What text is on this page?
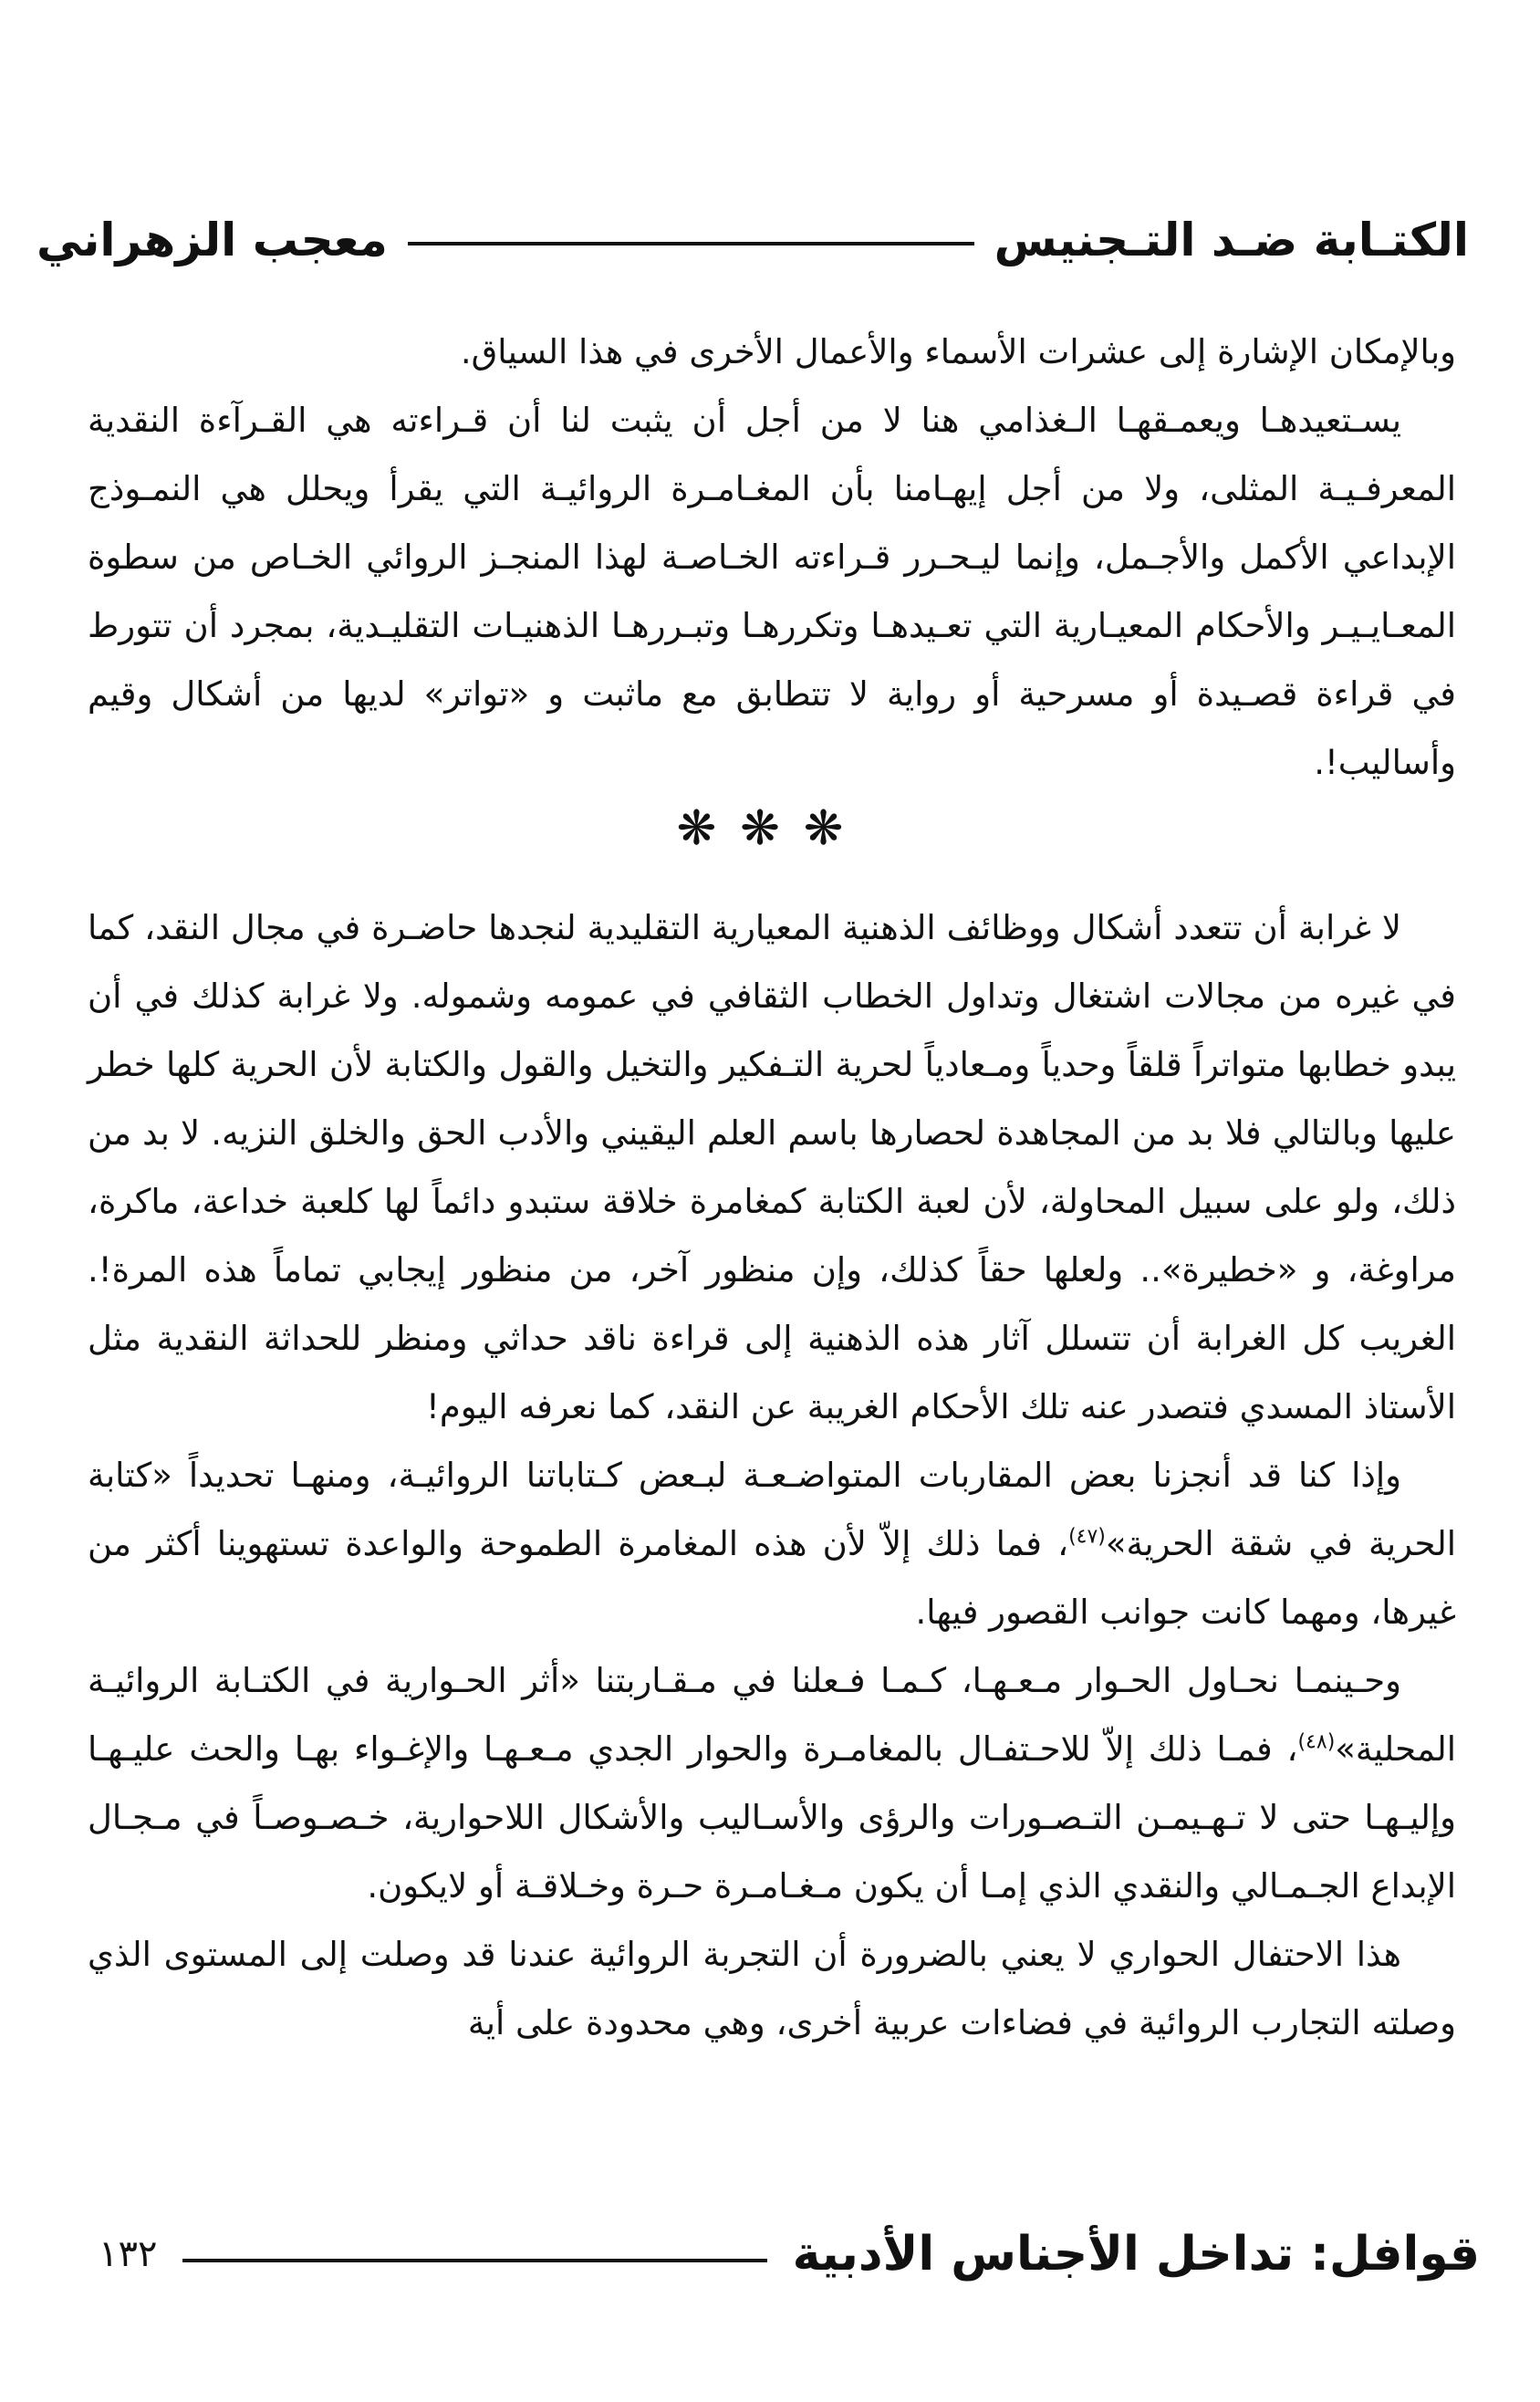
الكتـابة ضـد التـجنيس
معجب الزهراني

وبالإمكان الإشارة إلى عشرات الأسماء والأعمال الأخرى في هذا السياق.

يسـتعيدهـا ويعمـقهـا الـغذامي هنا لا من أجل أن يثبت لنا أن قـراءته هي القـرآءة النقدية المعرفـيـة المثلى، ولا من أجل إيهـامنا بأن المغـامـرة الروائيـة التي يقرأ ويحلل هي النمـوذج الإبداعي الأكمل والأجـمل، وإنما ليـحـرر قـراءته الخـاصـة لهذا المنجـز الروائي الخـاص من سطوة المعـايـيـر والأحكام المعيـارية التي تعـيدهـا وتكررهـا وتبـررهـا الذهنيـات التقليـدية، بمجرد أن تتورط في قراءة قصـيدة أو مسرحية أو رواية لا تتطابق مع ماثبت و «تواتر» لديها من أشكال وقيم وأساليب!.

❋❋❋

لا غرابة أن تتعدد أشكال ووظائف الذهنية المعيارية التقليدية لنجدها حاضـرة في مجال النقد، كما في غيره من مجالات اشتغال وتداول الخطاب الثقافي في عمومه وشموله. ولا غرابة كذلك في أن يبدو خطابها متواتراً قلقاً وحدياً ومـعادياً لحرية التـفكير والتخيل والقول والكتابة لأن الحرية كلها خطر عليها وبالتالي فلا بد من المجاهدة لحصارها باسم العلم اليقيني والأدب الحق والخلق النزيه. لا بد من ذلك، ولو على سبيل المحاولة، لأن لعبة الكتابة كمغامرة خلاقة ستبدو دائماً لها كلعبة خداعة، ماكرة، مراوغة، و «خطيرة».. ولعلها حقاً كذلك، وإن منظور آخر، من منظور إيجابي تماماً هذه المرة!. الغريب كل الغرابة أن تتسلل آثار هذه الذهنية إلى قراءة ناقد حداثي ومنظر للحداثة النقدية مثل الأستاذ المسدي فتصدر عنه تلك الأحكام الغريبة عن النقد، كما نعرفه اليوم!

وإذا كنا قد أنجزنا بعض المقاربات المتواضـعـة لبـعض كـتاباتنا الروائيـة، ومنهـا تحديداً «كتابة الحرية في شقة الحرية»$^{(٤٧)}$، فما ذلك إلاّ لأن هذه المغامرة الطموحة والواعدة تستهوينا أكثر من غيرها، ومهما كانت جوانب القصور فيها.

وحـينمـا نحـاول الحـوار مـعـهـا، كـمـا فـعلنا في مـقـاربتنا «أثر الحـوارية في الكتـابة الروائيـة المحلية»$^{(٤٨)}$، فمـا ذلك إلاّ للاحـتفـال بالمغامـرة والحوار الجدي مـعـهـا والإغـواء بهـا والحث عليـهـا وإليـهـا حتى لا تـهـيمـن التـصـورات والرؤى والأسـاليب والأشكال اللاحوارية، خـصـوصـاً في مـجـال الإبداع الجـمـالي والنقدي الذي إمـا أن يكون مـغـامـرة حـرة وخـلاقـة أو لايكون.

هذا الاحتفال الحواري لا يعني بالضرورة أن التجربة الروائية عندنا قد وصلت إلى المستوى الذي وصلته التجارب الروائية في فضاءات عربية أخرى، وهي محدودة على أية

قوافل: تداخل الأجناس الأدبية
١٣٢
